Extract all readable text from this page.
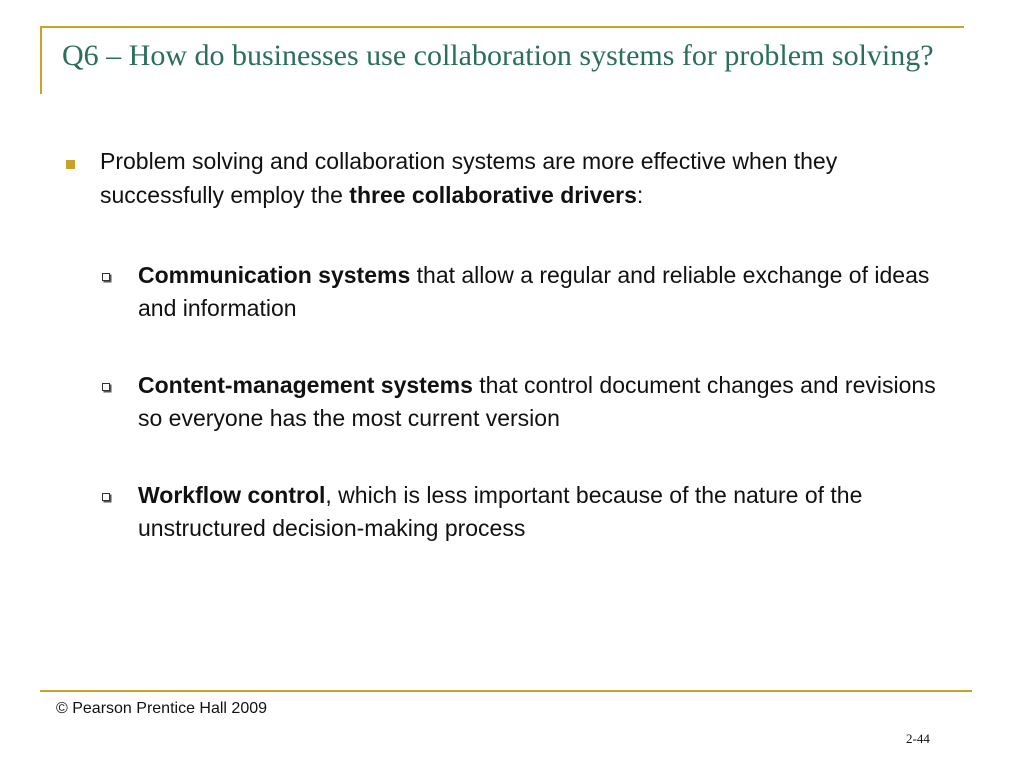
Q6 – How do businesses use collaboration systems for problem solving?
Problem solving and collaboration systems are more effective when they successfully employ the three collaborative drivers:
Communication systems that allow a regular and reliable exchange of ideas and information
Content-management systems that control document changes and revisions so everyone has the most current version
Workflow control, which is less important because of the nature of the unstructured decision-making process
© Pearson Prentice Hall 2009
2-44
